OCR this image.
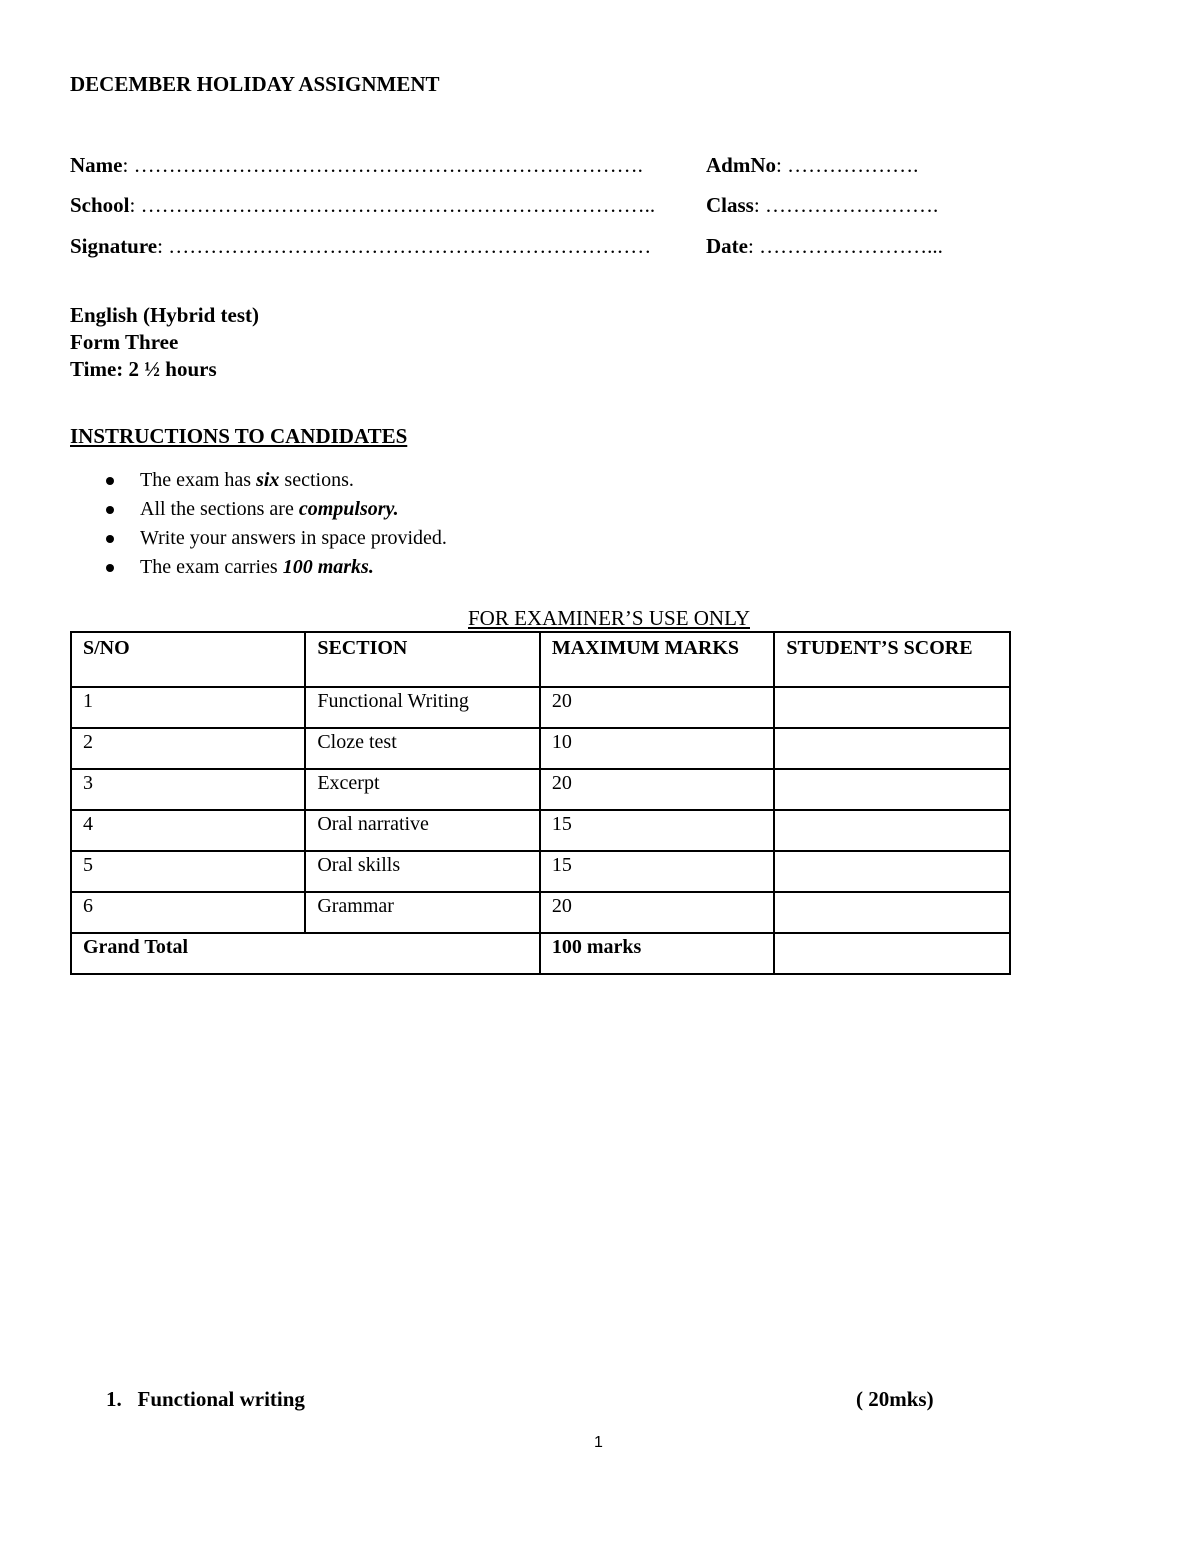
DECEMBER HOLIDAY ASSIGNMENT
Name: ……………………………………………………………….	AdmNo: ……………….
School: ……………………………………………………………….. Class: …………………….
Signature: ……………………………………………………………	Date: ……………………...
English (Hybrid test)
Form Three
Time: 2 ½ hours
INSTRUCTIONS TO CANDIDATES
The exam has six sections.
All the sections are compulsory.
Write your answers in space provided.
The exam carries 100 marks.
FOR EXAMINER’S USE ONLY
S/NO	SECTION	MAXIMUM MARKS	STUDENT’S SCORE
1	Functional Writing	20	
2	Cloze test	10	
3	Excerpt	20	
4	Oral narrative	15	
5	Oral skills	15	
6	Grammar	20	
Grand Total		100 marks	
1. Functional writing	( 20mks)
1
